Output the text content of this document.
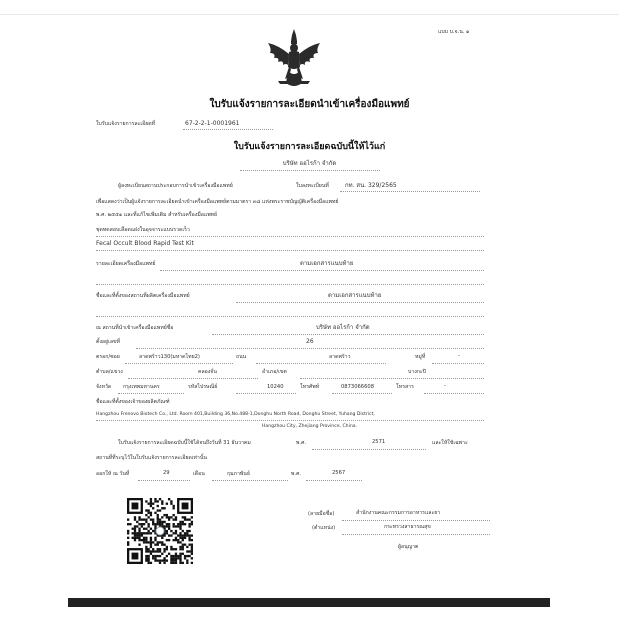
แบบ บ.จ.น. ๑
ใบรับแจ้งรายการละเอียดนำเข้าเครื่องมือแพทย์
ใบรับแจ้งรายการละเอียดที่	67-2-2-1-0001961
ใบรับแจ้งรายการละเอียดฉบับนี้ให้ไว้แก่
บริษัท ออไรก้า จำกัด
ผู้ลงทะเบียนสถานประกอบการนำเข้าเครื่องมือแพทย์	ใบลงทะเบียนที่	กท. สน. 329/2565
เพื่อแสดงว่าเป็นผู้แจ้งรายการละเอียดนำเข้าเครื่องมือแพทย์ตามมาตรา ๓๘ แห่งพระราชบัญญัติเครื่องมือแพทย์
พ.ศ. ๒๕๕๑ และที่แก้ไขเพิ่มเติม สำหรับเครื่องมือแพทย์
ชุดทดสอบเลือดแฝงในอุจจาระแบบรวดเร็ว
Fecal Occult Blood Rapid Test Kit
รายละเอียดเครื่องมือแพทย์	ตามเอกสารแนบท้าย
ชื่อและที่ตั้งของสถานที่ผลิตเครื่องมือแพทย์	ตามเอกสารแนบท้าย
ณ สถานที่นำเข้าเครื่องมือแพทย์ชื่อ	บริษัท ออไรก้า จำกัด
ตั้งอยู่เลขที่	26
ตรอก/ซอย	ลาดพร้าว130(มหาดไทย2)	ถนน	ลาดพร้าว	หมู่ที่	-
ตำบล/แขวง	คลองจั่น	อำเภอ/เขต	บางกะปิ
จังหวัด กรุงเทพมหานคร	รหัสไปรษณีย์	10240	โทรศัพท์	0873066608	โทรสาร	-
ชื่อและที่ตั้งของเจ้าของผลิตภัณฑ์
Hangzhou Frenovo Biotech Co., Ltd. Room 401,Building 36,No.488-1,Donghu North Road, Donghu Street, Yuhang District,
Hangzhou City, Zhejiang Province, China.
ใบรับแจ้งรายการละเอียดฉบับนี้ใช้ได้จนถึงวันที่ 31 ธันวาคม	พ.ศ.	2571	และให้ใช้เฉพาะ
สถานที่ที่ระบุไว้ในใบรับแจ้งรายการละเอียดเท่านั้น
ออกให้ ณ วันที่	29	เดือน	กุมภาพันธ์	พ.ศ.	2567
(ลายมือชื่อ)	สำนักงานคณะกรรมการอาหารและยา
(ตำแหน่ง)	กระทรวงสาธารณสุข
ผู้อนุญาต
